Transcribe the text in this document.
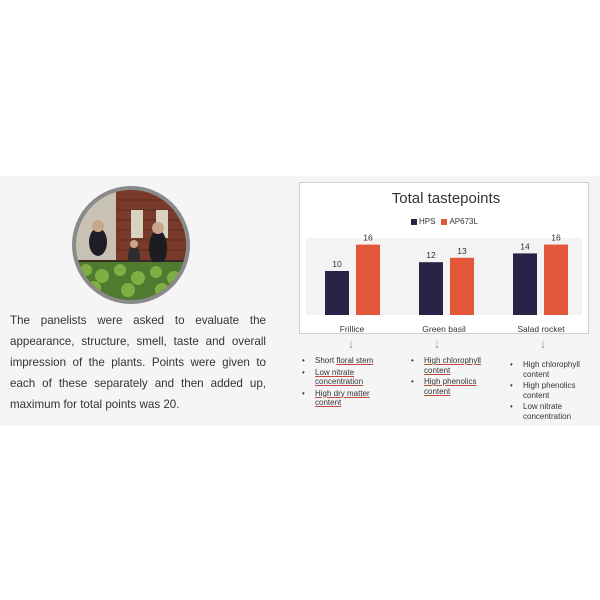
The panelists were asked to evaluate the appearance, structure, smell, taste and overall impression of the plants. Points were given to each of these separately and then added up, maximum for total points was 20.

Total tastepoints
HPS AP673L
10
16
12	13	14
16
Frillice	Green basil	Salad rocket
↓	↓	↓
• Short floral stem
• Low nitrate concentration
• High dry matter content
• High chlorophyll content
• High phenolics content
• High chlorophyll content
• High phenolics content
• Low nitrate concentration
